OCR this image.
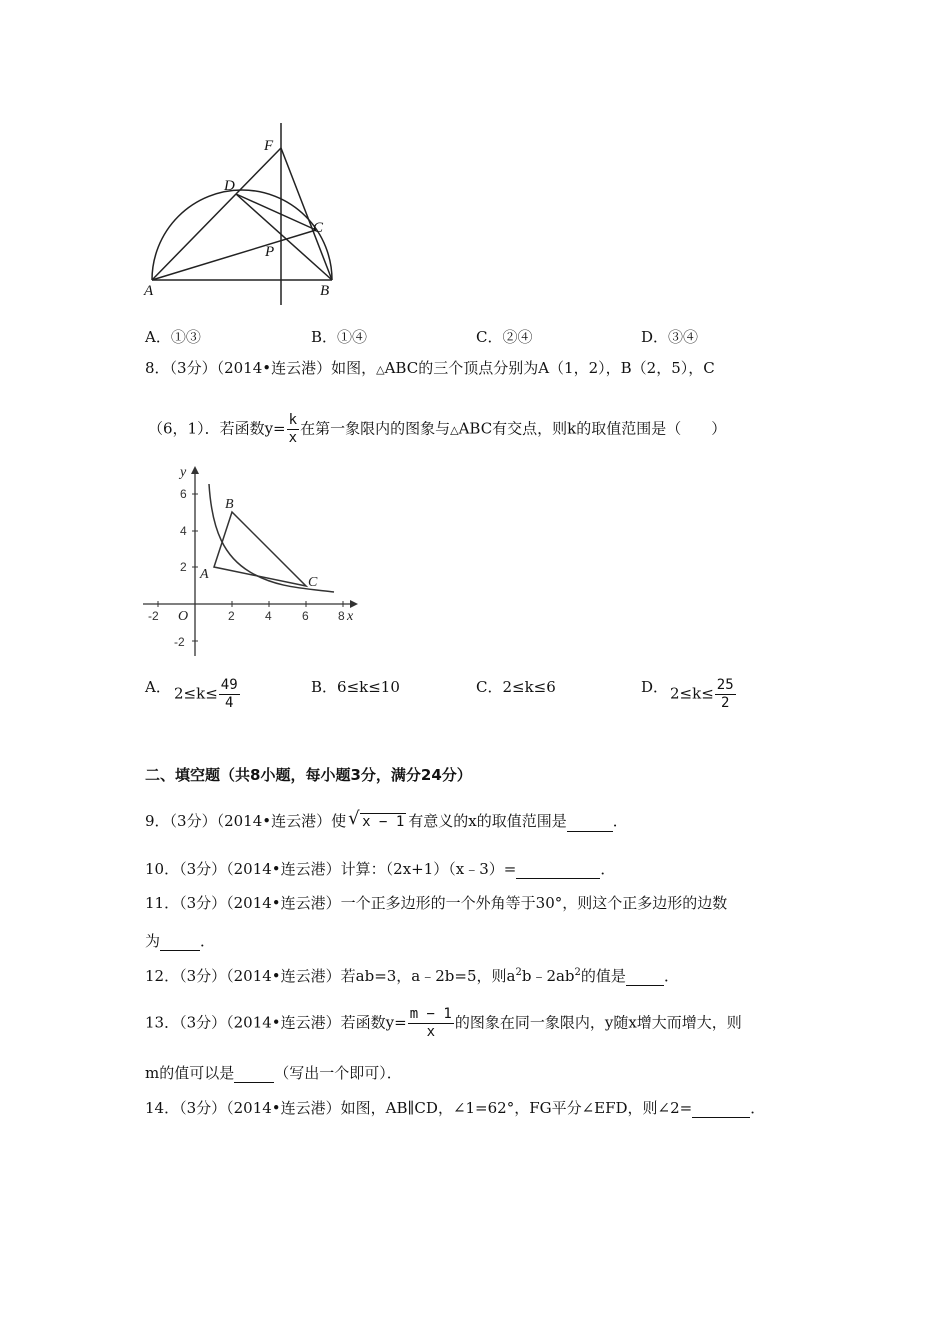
F
D
C
P
A	B
A．①③	B．①④	C．②④	D．③④
8．（3分）（2014•连云港）如图，△ABC的三个顶点分别为A（1，2），B（2，5），C
（6，1）．若函数$y= \frac{k}{x}$ 在第一象限内的图象与△ABC有交点，则k的取值范围是（　　）
6
4
2
-2
-2	2	4	6 8
y
x
O
A
B
C
A． $2\le k\le \frac{49}{4}$	B．6≤k≤10	C．2≤k≤6	D． $2\le k\le \frac{25}{2}$
二、填空题（共8小题，每小题3分，满分24分）
9．（3分）（2014•连云港）使 √ x − 1 有意义的x的取值范围是	．
10．（3分）（2014•连云港）计算：（2x+1）（x﹣3）=	．
11．（3分）（2014•连云港）一个正多边形的一个外角等于30°，则这个正多边形的边数
为	．
12．（3分）（2014•连云港）若ab=3，a﹣2b=5，则$a^2b﹣2ab^2$的值是	．
13．（3分）（2014•连云港）若函数$y= \frac{m - 1}{x}$ 的图象在同一象限内，y随x增大而增大，则
m的值可以是	（写出一个即可）．
14．（3分）（2014•连云港）如图，AB∥CD，∠1=62°，FG平分∠EFD，则∠2=	．
